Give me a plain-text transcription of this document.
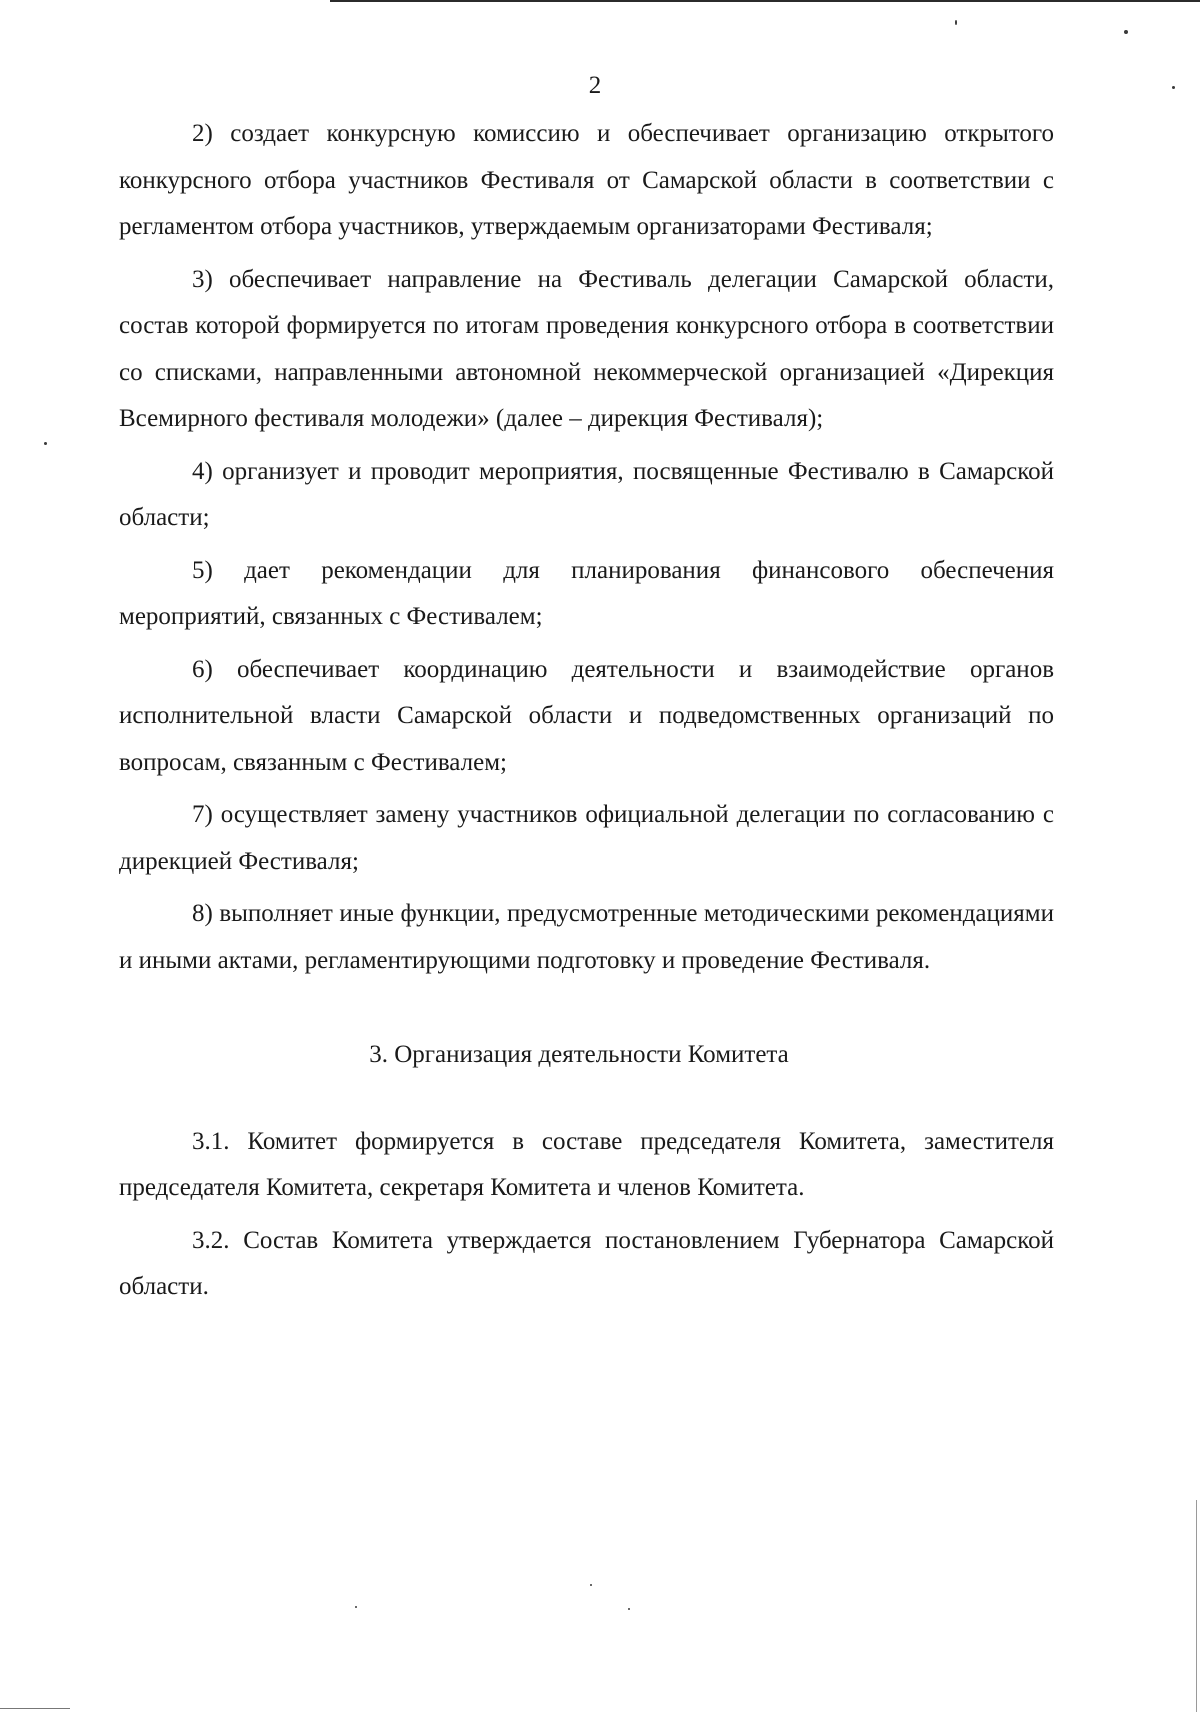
2

2) создает конкурсную комиссию и обеспечивает организацию открытого конкурсного отбора участников Фестиваля от Самарской области в соответствии с регламентом отбора участников, утверждаемым организаторами Фестиваля;

3) обеспечивает направление на Фестиваль делегации Самарской области, состав которой формируется по итогам проведения конкурсного отбора в соответствии со списками, направленными автономной некоммерческой организацией «Дирекция Всемирного фестиваля молодежи» (далее – дирекция Фестиваля);

4) организует и проводит мероприятия, посвященные Фестивалю в Самарской области;

5) дает рекомендации для планирования финансового обеспечения мероприятий, связанных с Фестивалем;

6) обеспечивает координацию деятельности и взаимодействие органов исполнительной власти Самарской области и подведомственных организаций по вопросам, связанным с Фестивалем;

7) осуществляет замену участников официальной делегации по согласованию с дирекцией Фестиваля;

8) выполняет иные функции, предусмотренные методическими рекомендациями и иными актами, регламентирующими подготовку и проведение Фестиваля.

3. Организация деятельности Комитета

3.1. Комитет формируется в составе председателя Комитета, заместителя председателя Комитета, секретаря Комитета и членов Комитета.

3.2. Состав Комитета утверждается постановлением Губернатора Самарской области.
